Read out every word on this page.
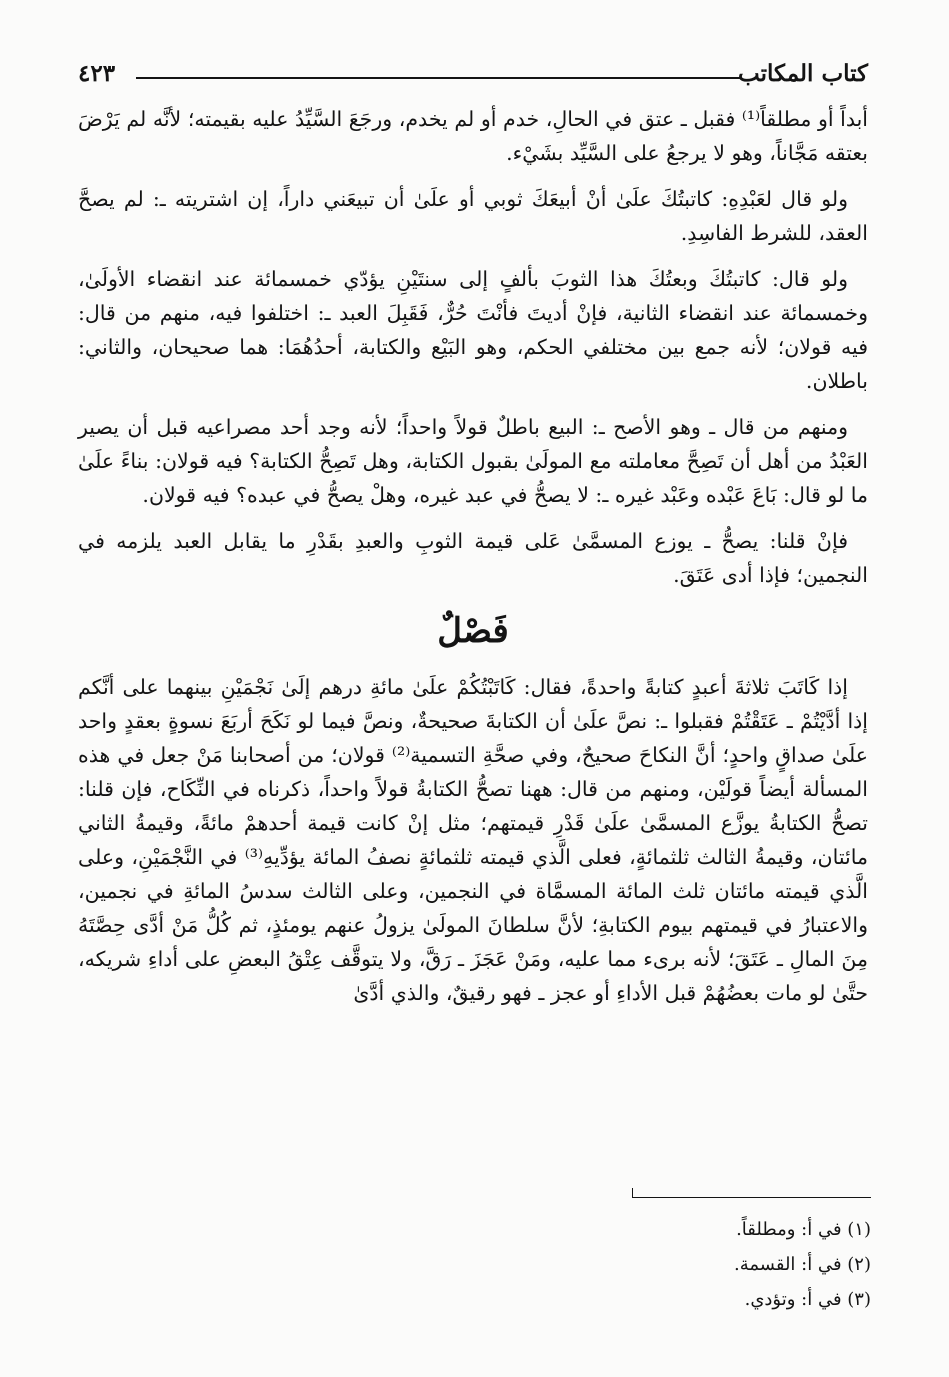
كتاب المكاتب
٤٢٣

أبداً أو مطلقاً⁽¹⁾ فقبل ـ عتق في الحالِ، خدم أو لم يخدم، ورجَعَ السَّيِّدُ عليه بقيمته؛ لأنَّه لم يَرْضَ بعتقه مَجَّاناً، وهو لا يرجعُ على السَّيِّد بشَيْء.

ولو قال لعَبْدِهِ: كاتبتُكَ علَىٰ أنْ أبيعَكَ ثوبي أو علَىٰ أن تبيعَني داراً، إن اشتريته ـ: لم يصحَّ العقد، للشرط الفاسِدِ.

ولو قال: كاتبتُكَ وبعتُكَ هذا الثوبَ بألفٍ إلى سنتَيْنِ يؤدّي خمسمائة عند انقضاء الأولَىٰ، وخمسمائة عند انقضاء الثانية، فإنْ أديتَ فأنْتَ حُرٌّ، فَقَبِلَ العبد ـ: اختلفوا فيه، منهم من قال: فيه قولان؛ لأنه جمع بين مختلفي الحكم، وهو البَيْع والكتابة، أحدُهُمَا: هما صحيحان، والثاني: باطلان.

ومنهم من قال ـ وهو الأصح ـ: البيع باطلٌ قولاً واحداً؛ لأنه وجد أحد مصراعيه قبل أن يصير العَبْدُ من أهل أن تَصِحَّ معاملته مع المولَىٰ بقبول الكتابة، وهل تَصِحُّ الكتابة؟ فيه قولان: بناءً علَىٰ ما لو قال: بَاعَ عَبْده وعَبْد غيره ـ: لا يصحُّ في عبد غيره، وهلْ يصحُّ في عبده؟ فيه قولان.

فإنْ قلنا: يصحُّ ـ يوزع المسمَّىٰ عَلى قيمة الثوبِ والعبدِ بقَدْرِ ما يقابل العبد يلزمه في النجمين؛ فإذا أدى عَتَقَ.

فَصْلٌ

إذا كَاتَبَ ثلاثةَ أعبدٍ كتابةً واحدةً، فقال: كَاتَبْتُكُمْ علَىٰ مائةِ درهم إلَىٰ نَجْمَيْنِ بينهما على أنَّكم إذا أدَّيْتُمْ ـ عَتَقْتُمْ فقبلوا ـ: نصَّ علَىٰ أن الكتابةَ صحيحةٌ، ونصَّ فيما لو نَكَحَ أربَعَ نسوةٍ بعقدٍ واحد علَىٰ صداقٍ واحدٍ؛ أنَّ النكاحَ صحيحٌ، وفي صحَّةِ التسمية⁽²⁾ قولان؛ من أصحابنا مَنْ جعل في هذه المسألة أيضاً قولَيْن، ومنهم من قال: ههنا تصحُّ الكتابةُ قولاً واحداً، ذكرناه في النِّكَاح، فإن قلنا: تصحُّ الكتابةُ يوزَّع المسمَّىٰ علَىٰ قَدْرِ قيمتهم؛ مثل إنْ كانت قيمة أحدهمْ مائةً، وقيمةُ الثاني مائتان، وقيمةُ الثالث ثلثمائةٍ، فعلى الَّذي قيمته ثلثمائةٍ نصفُ المائة يؤدِّيهِ⁽³⁾ في النَّجْمَيْنِ، وعلى الَّذي قيمته مائتان ثلث المائة المسمَّاة في النجمين، وعلى الثالث سدسُ المائةِ في نجمين، والاعتبارُ في قيمتهم بيوم الكتابةِ؛ لأنَّ سلطانَ المولَىٰ يزولُ عنهم يومئذٍ، ثم كُلُّ مَنْ أدَّى حِصَّتَهُ مِنَ المالِ ـ عَتَقَ؛ لأنه برىء مما عليه، ومَنْ عَجَزَ ـ رَقَّ، ولا يتوقَّف عِتْقُ البعضِ على أداءِ شريكه، حتَّىٰ لو مات بعضُهُمْ قبل الأداءِ أو عجز ـ فهو رقيقٌ، والذي أدَّىٰ

(١) في أ: ومطلقاً.
(٢) في أ: القسمة.
(٣) في أ: وتؤدي.
